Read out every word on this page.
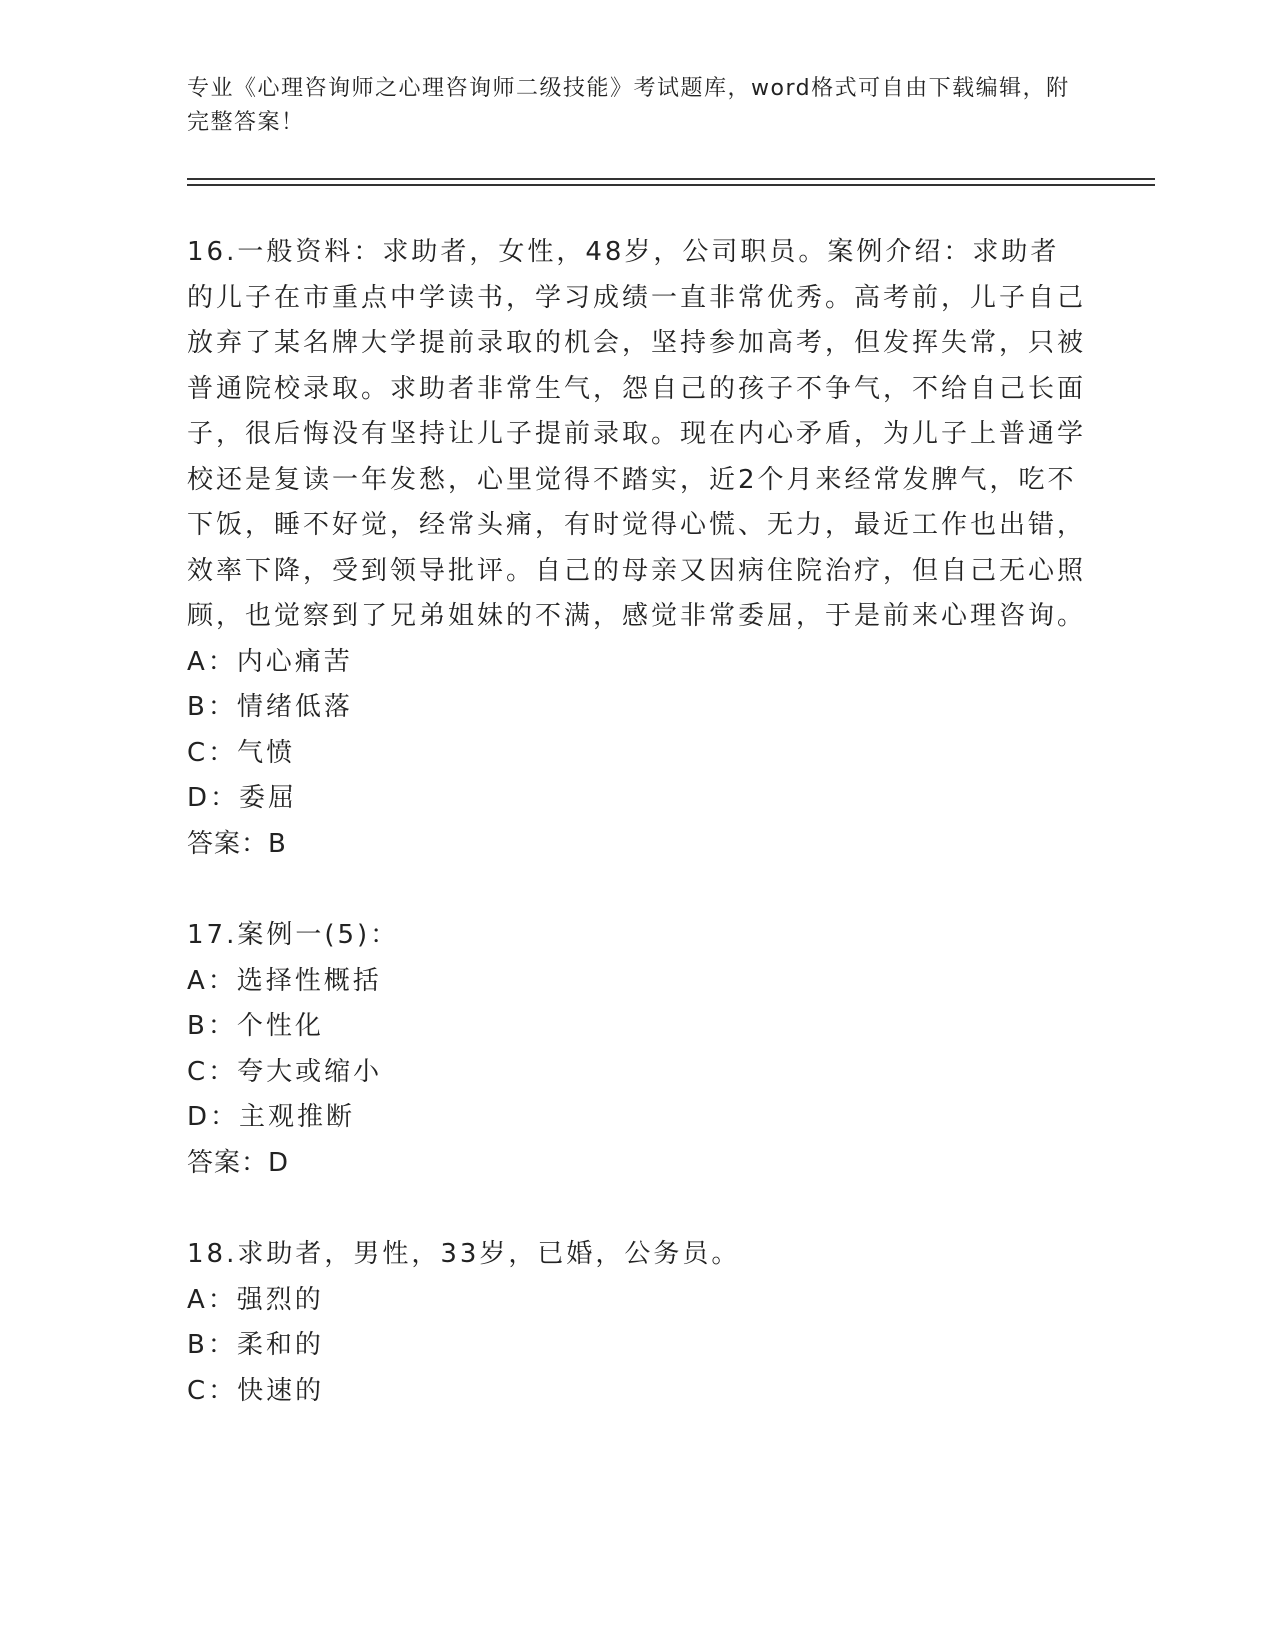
专业《心理咨询师之心理咨询师二级技能》考试题库，word格式可自由下载编辑，附完整答案！

16.一般资料：求助者，女性，48岁，公司职员。案例介绍：求助者的儿子在市重点中学读书，学习成绩一直非常优秀。高考前，儿子自己放弃了某名牌大学提前录取的机会，坚持参加高考，但发挥失常，只被普通院校录取。求助者非常生气，怨自己的孩子不争气，不给自己长面子，很后悔没有坚持让儿子提前录取。现在内心矛盾，为儿子上普通学校还是复读一年发愁，心里觉得不踏实，近2个月来经常发脾气，吃不下饭，睡不好觉，经常头痛，有时觉得心慌、无力，最近工作也出错，效率下降，受到领导批评。自己的母亲又因病住院治疗，但自己无心照顾，也觉察到了兄弟姐妹的不满，感觉非常委屈，于是前来心理咨询。

A：内心痛苦

B：情绪低落

C：气愤

D：委屈

答案：B

17.案例一(5)：

A：选择性概括

B：个性化

C：夸大或缩小

D：主观推断

答案：D

18.求助者，男性，33岁，已婚，公务员。

A：强烈的

B：柔和的

C：快速的
